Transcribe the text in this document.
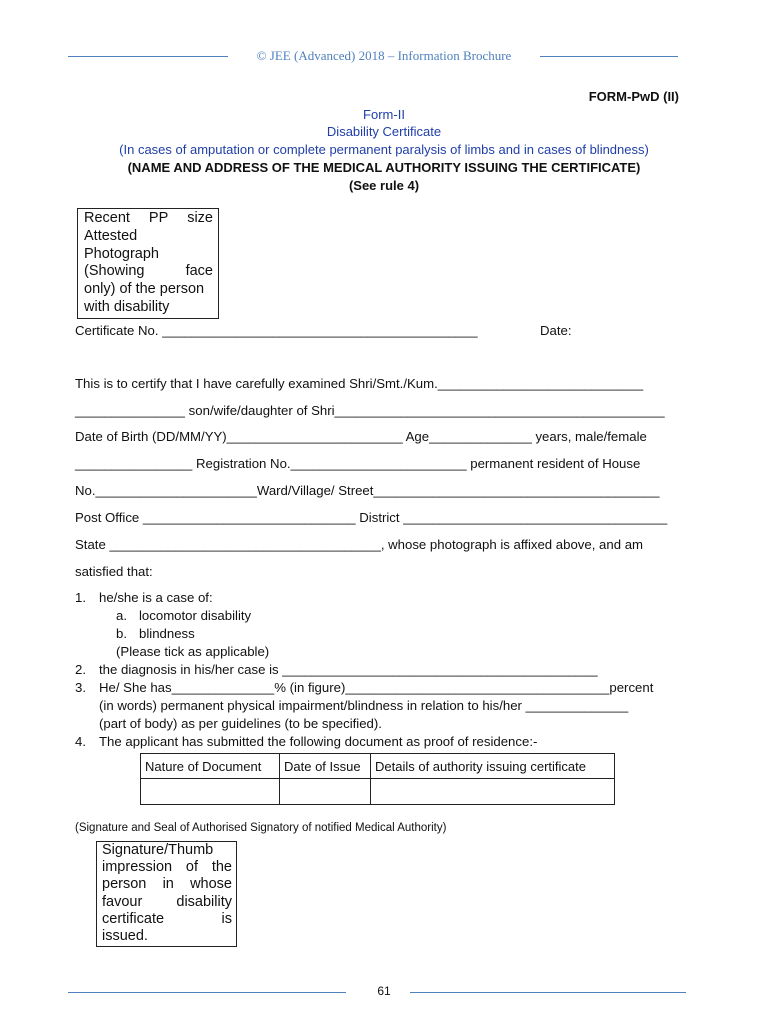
© JEE (Advanced) 2018 – Information Brochure
FORM-PwD (II)
Form-II
Disability Certificate
(In cases of amputation or complete permanent paralysis of limbs and in cases of blindness)
(NAME AND ADDRESS OF THE MEDICAL AUTHORITY ISSUING THE CERTIFICATE)
(See rule 4)
Recent PP size
Attested
Photograph
(Showing	face
only) of the person
with disability
Certificate No. ___________________________________________	Date:
This is to certify that I have carefully examined Shri/Smt./Kum.____________________________
_______________ son/wife/daughter of Shri_____________________________________________
Date of Birth (DD/MM/YY)________________________ Age______________ years, male/female
________________ Registration No.________________________ permanent resident of House
No.______________________Ward/Village/ Street_______________________________________
Post Office _____________________________ District ____________________________________
State _____________________________________, whose photograph is affixed above, and am
satisfied that:
1. he/she is a case of:
a. locomotor disability
b. blindness
(Please tick as applicable)
2. the diagnosis in his/her case is ___________________________________________
3. He/ She has______________% (in figure)____________________________________percent
(in words) permanent physical impairment/blindness in relation to his/her ______________
(part of body) as per guidelines (to be specified).
4. The applicant has submitted the following document as proof of residence:-
Nature of Document	Date of Issue	Details of authority issuing certificate

(Signature and Seal of Authorised Signatory of notified Medical Authority)
Signature/Thumb
impression of the
person in whose
favour disability
certificate	is
issued.
61
